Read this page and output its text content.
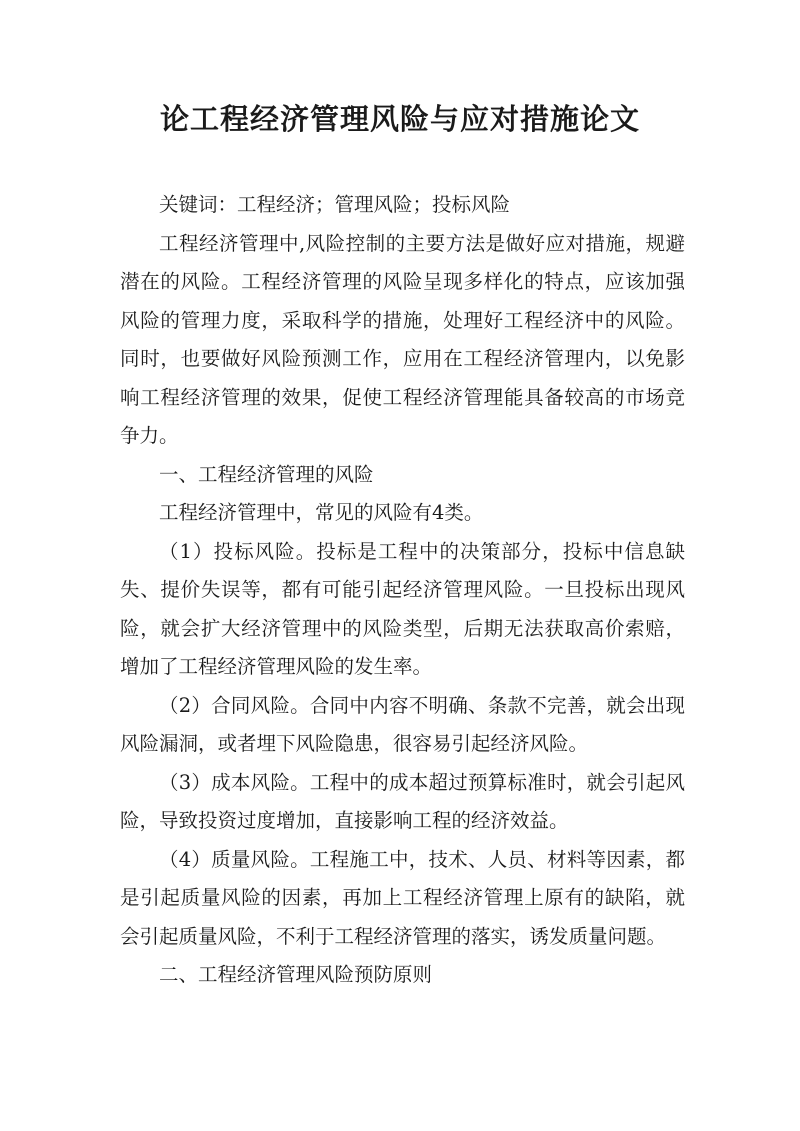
论工程经济管理风险与应对措施论文

关键词：工程经济；管理风险；投标风险

工程经济管理中,风险控制的主要方法是做好应对措施，规避潜在的风险。工程经济管理的风险呈现多样化的特点，应该加强风险的管理力度，采取科学的措施，处理好工程经济中的风险。同时，也要做好风险预测工作，应用在工程经济管理内，以免影响工程经济管理的效果，促使工程经济管理能具备较高的市场竞争力。

一、工程经济管理的风险

工程经济管理中，常见的风险有4类。

（1）投标风险。投标是工程中的决策部分，投标中信息缺失、提价失误等，都有可能引起经济管理风险。一旦投标出现风险，就会扩大经济管理中的风险类型，后期无法获取高价索赔，增加了工程经济管理风险的发生率。

（2）合同风险。合同中内容不明确、条款不完善，就会出现风险漏洞，或者埋下风险隐患，很容易引起经济风险。

（3）成本风险。工程中的成本超过预算标准时，就会引起风险，导致投资过度增加，直接影响工程的经济效益。

（4）质量风险。工程施工中，技术、人员、材料等因素，都是引起质量风险的因素，再加上工程经济管理上原有的缺陷，就会引起质量风险，不利于工程经济管理的落实，诱发质量问题。

二、工程经济管理风险预防原则
